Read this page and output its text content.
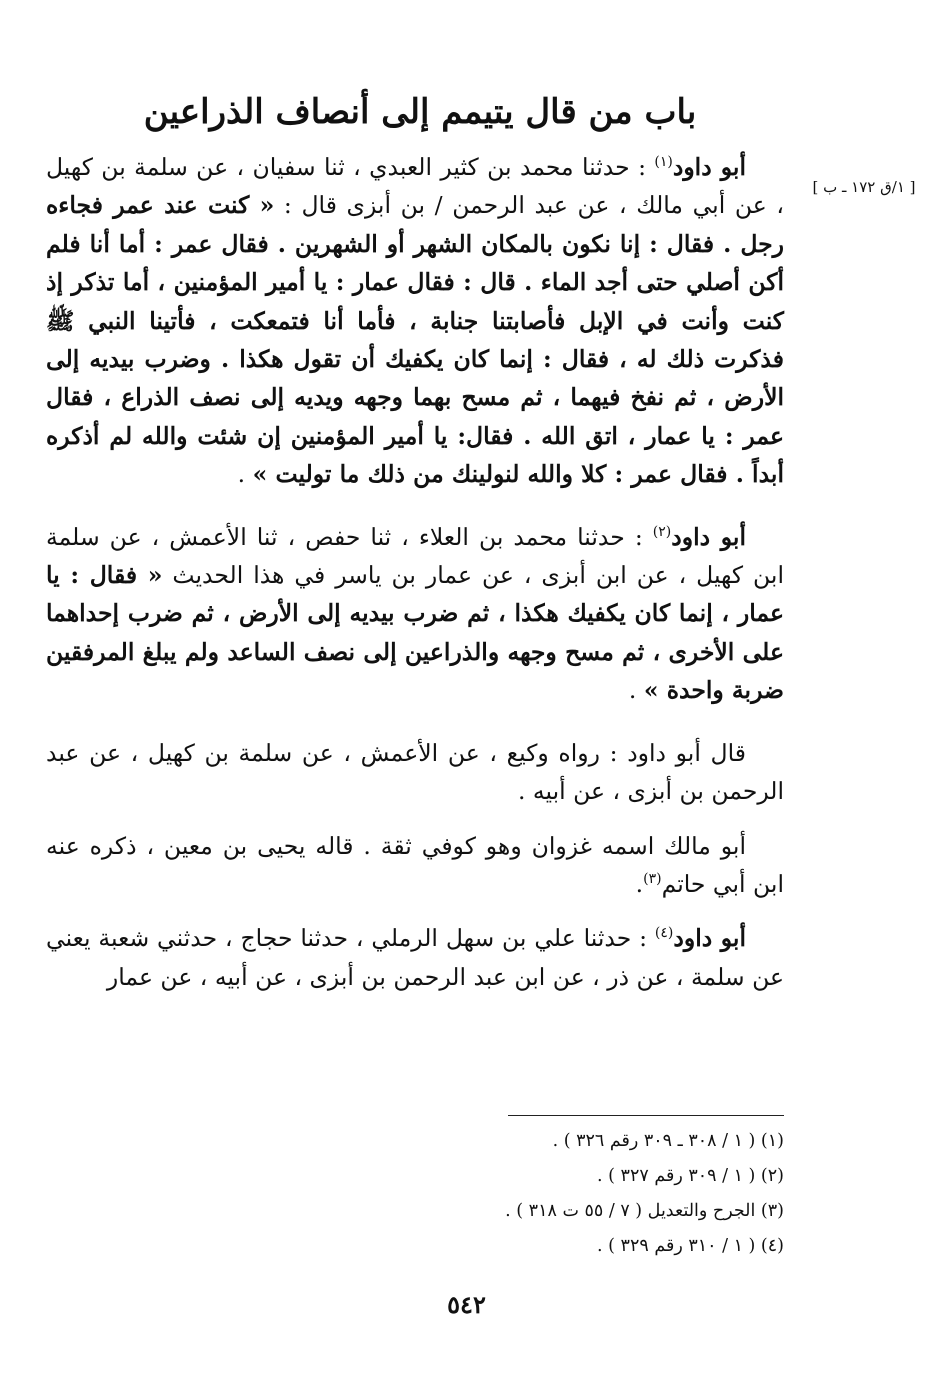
[ ١/ق ١٧٢ ـ ب ]
باب من قال يتيمم إلى أنصاف الذراعين

أبو داود$^{(١)}$ : حدثنا محمد بن كثير العبدي ، ثنا سفيان ، عن سلمة بن كهيل ، عن أبي مالك ، عن عبد الرحمن / بن أبزى قال : « كنت عند عمر فجاءه رجل . فقال : إنا نكون بالمكان الشهر أو الشهرين . فقال عمر : أما أنا فلم أكن أصلي حتى أجد الماء . قال : فقال عمار : يا أمير المؤمنين ، أما تذكر إذ كنت وأنت في الإبل فأصابتنا جنابة ، فأما أنا فتمعكت ، فأتينا النبي ﷺ فذكرت ذلك له ، فقال : إنما كان يكفيك أن تقول هكذا . وضرب بيديه إلى الأرض ، ثم نفخ فيهما ، ثم مسح بهما وجهه ويديه إلى نصف الذراع ، فقال عمر : يا عمار ، اتق الله . فقال: يا أمير المؤمنين إن شئت والله لم أذكره أبداً . فقال عمر : كلا والله لنولينك من ذلك ما توليت » .

أبو داود$^{(٢)}$ : حدثنا محمد بن العلاء ، ثنا حفص ، ثنا الأعمش ، عن سلمة ابن كهيل ، عن ابن أبزى ، عن عمار بن ياسر في هذا الحديث « فقال : يا عمار ، إنما كان يكفيك هكذا ، ثم ضرب بيديه إلى الأرض ، ثم ضرب إحداهما على الأخرى ، ثم مسح وجهه والذراعين إلى نصف الساعد ولم يبلغ المرفقين ضربة واحدة » .

قال أبو داود : رواه وكيع ، عن الأعمش ، عن سلمة بن كهيل ، عن عبد الرحمن بن أبزى ، عن أبيه .

أبو مالك اسمه غزوان وهو كوفي ثقة . قاله يحيى بن معين ، ذكره عنه ابن أبي حاتم$^{(٣)}$.

أبو داود$^{(٤)}$ : حدثنا علي بن سهل الرملي ، حدثنا حجاج ، حدثني شعبة يعني عن سلمة ، عن ذر ، عن ابن عبد الرحمن بن أبزى ، عن أبيه ، عن عمار

(١) ( ١ / ٣٠٨ ـ ٣٠٩ رقم ٣٢٦ ) .
(٢) ( ١ / ٣٠٩ رقم ٣٢٧ ) .
(٣) الجرح والتعديل ( ٧ / ٥٥ ت ٣١٨ ) .
(٤) ( ١ / ٣١٠ رقم ٣٢٩ ) .
٥٤٢
